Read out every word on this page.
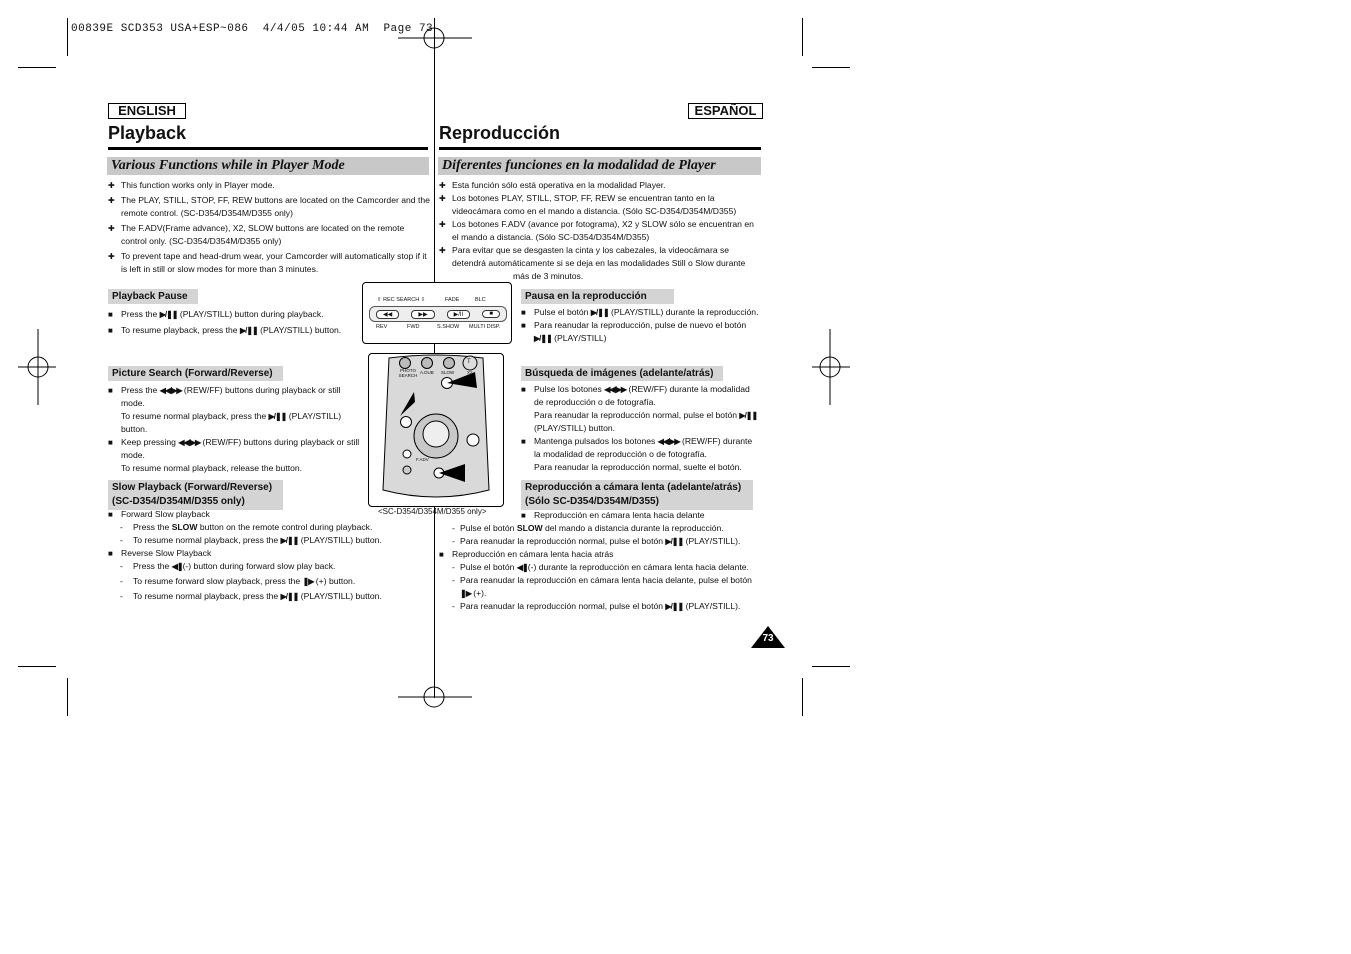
00839E SCD353 USA+ESP~086  4/4/05 10:44 AM  Page 73
ENGLISH	ESPAÑOL
Playback	Reproducción
Various Functions while in Player Mode	Diferentes funciones en la modalidad de Player
✚ This function works only in Player mode.
✚ The PLAY, STILL, STOP, FF, REW buttons are located on the Camcorder and the remote control. (SC-D354/D354M/D355 only)
✚ The F.ADV(Frame advance), X2, SLOW buttons are located on the remote control only. (SC-D354/D354M/D355 only)
✚ To prevent tape and head-drum wear, your Camcorder will automatically stop if it is left in still or slow modes for more than 3 minutes.
Playback Pause
■ Press the ▶/❚❚ (PLAY/STILL) button during playback.
■ To resume playback, press the ▶/❚❚ (PLAY/STILL) button.
Picture Search (Forward/Reverse)
■ Press the ◀◀/▶▶ (REW/FF) buttons during playback or still mode.
To resume normal playback, press the ▶/❚❚ (PLAY/STILL) button.
■ Keep pressing ◀◀/▶▶ (REW/FF) buttons during playback or still mode.
To resume normal playback, release the button.
Slow Playback (Forward/Reverse)
(SC-D354/D354M/D355 only)
■ Forward Slow playback
- Press the SLOW button on the remote control during playback.
- To resume normal playback, press the ▶/❚❚ (PLAY/STILL) button.
■ Reverse Slow Playback
- Press the ◀❚(-) button during forward slow play back.
- To resume forward slow playback, press the ❚▶ (+) button.
- To resume normal playback, press the ▶/❚❚ (PLAY/STILL) button.
✚ Esta función sólo está operativa en la modalidad Player.
✚ Los botones PLAY, STILL, STOP, FF, REW se encuentran tanto en la videocámara como en el mando a distancia. (Sólo SC-D354/D354M/D355)
✚ Los botones F.ADV (avance por fotograma), X2 y SLOW sólo se encuentran en el mando a distancia. (Sólo SC-D354/D354M/D355)
✚ Para evitar que se desgasten la cinta y los cabezales, la videocámara se detendrá automáticamente si se deja en las modalidades Still o Slow durante
más de 3 minutos.
Pausa en la reproducción
■ Pulse el botón ▶/❚❚ (PLAY/STILL) durante la reproducción.
■ Para reanudar la reproducción, pulse de nuevo el botón ▶/❚❚ (PLAY/STILL)
Búsqueda de imágenes (adelante/atrás)
■ Pulse los botones ◀◀/▶▶ (REW/FF) durante la modalidad de reproducción o de fotografía.
Para reanudar la reproducción normal, pulse el botón ▶/❚❚ (PLAY/STILL) button.
■ Mantenga pulsados los botones ◀◀/▶▶ (REW/FF) durante la modalidad de reproducción o de fotografía.
Para reanudar la reproducción normal, suelte el botón.
Reproducción a cámara lenta (adelante/atrás)
(Sólo SC-D354/D354M/D355)
■ Reproducción en cámara lenta hacia delante
- Pulse el botón SLOW del mando a distancia durante la reproducción.
- Para reanudar la reproducción normal, pulse el botón ▶/❚❚ (PLAY/STILL).
■ Reproducción en cámara lenta hacia atrás
- Pulse el botón ◀❚(-) durante la reproducción en cámara lenta hacia delante.
- Para reanudar la reproducción en cámara lenta hacia delante, pulse el botón ❚▶ (+).
- Para reanudar la reproducción normal, pulse el botón ▶/❚❚ (PLAY/STILL).
⇧ REC SEARCH ⇩	FADE	BLC
◀◀	▶▶	▶/II	■
REV	FWD	S.SHOW MULTI DISP.
PHOTO SEARCH
A.DUB SLOW	X2
F.ADV
T
<SC-D354/D354M/D355 only>
73
